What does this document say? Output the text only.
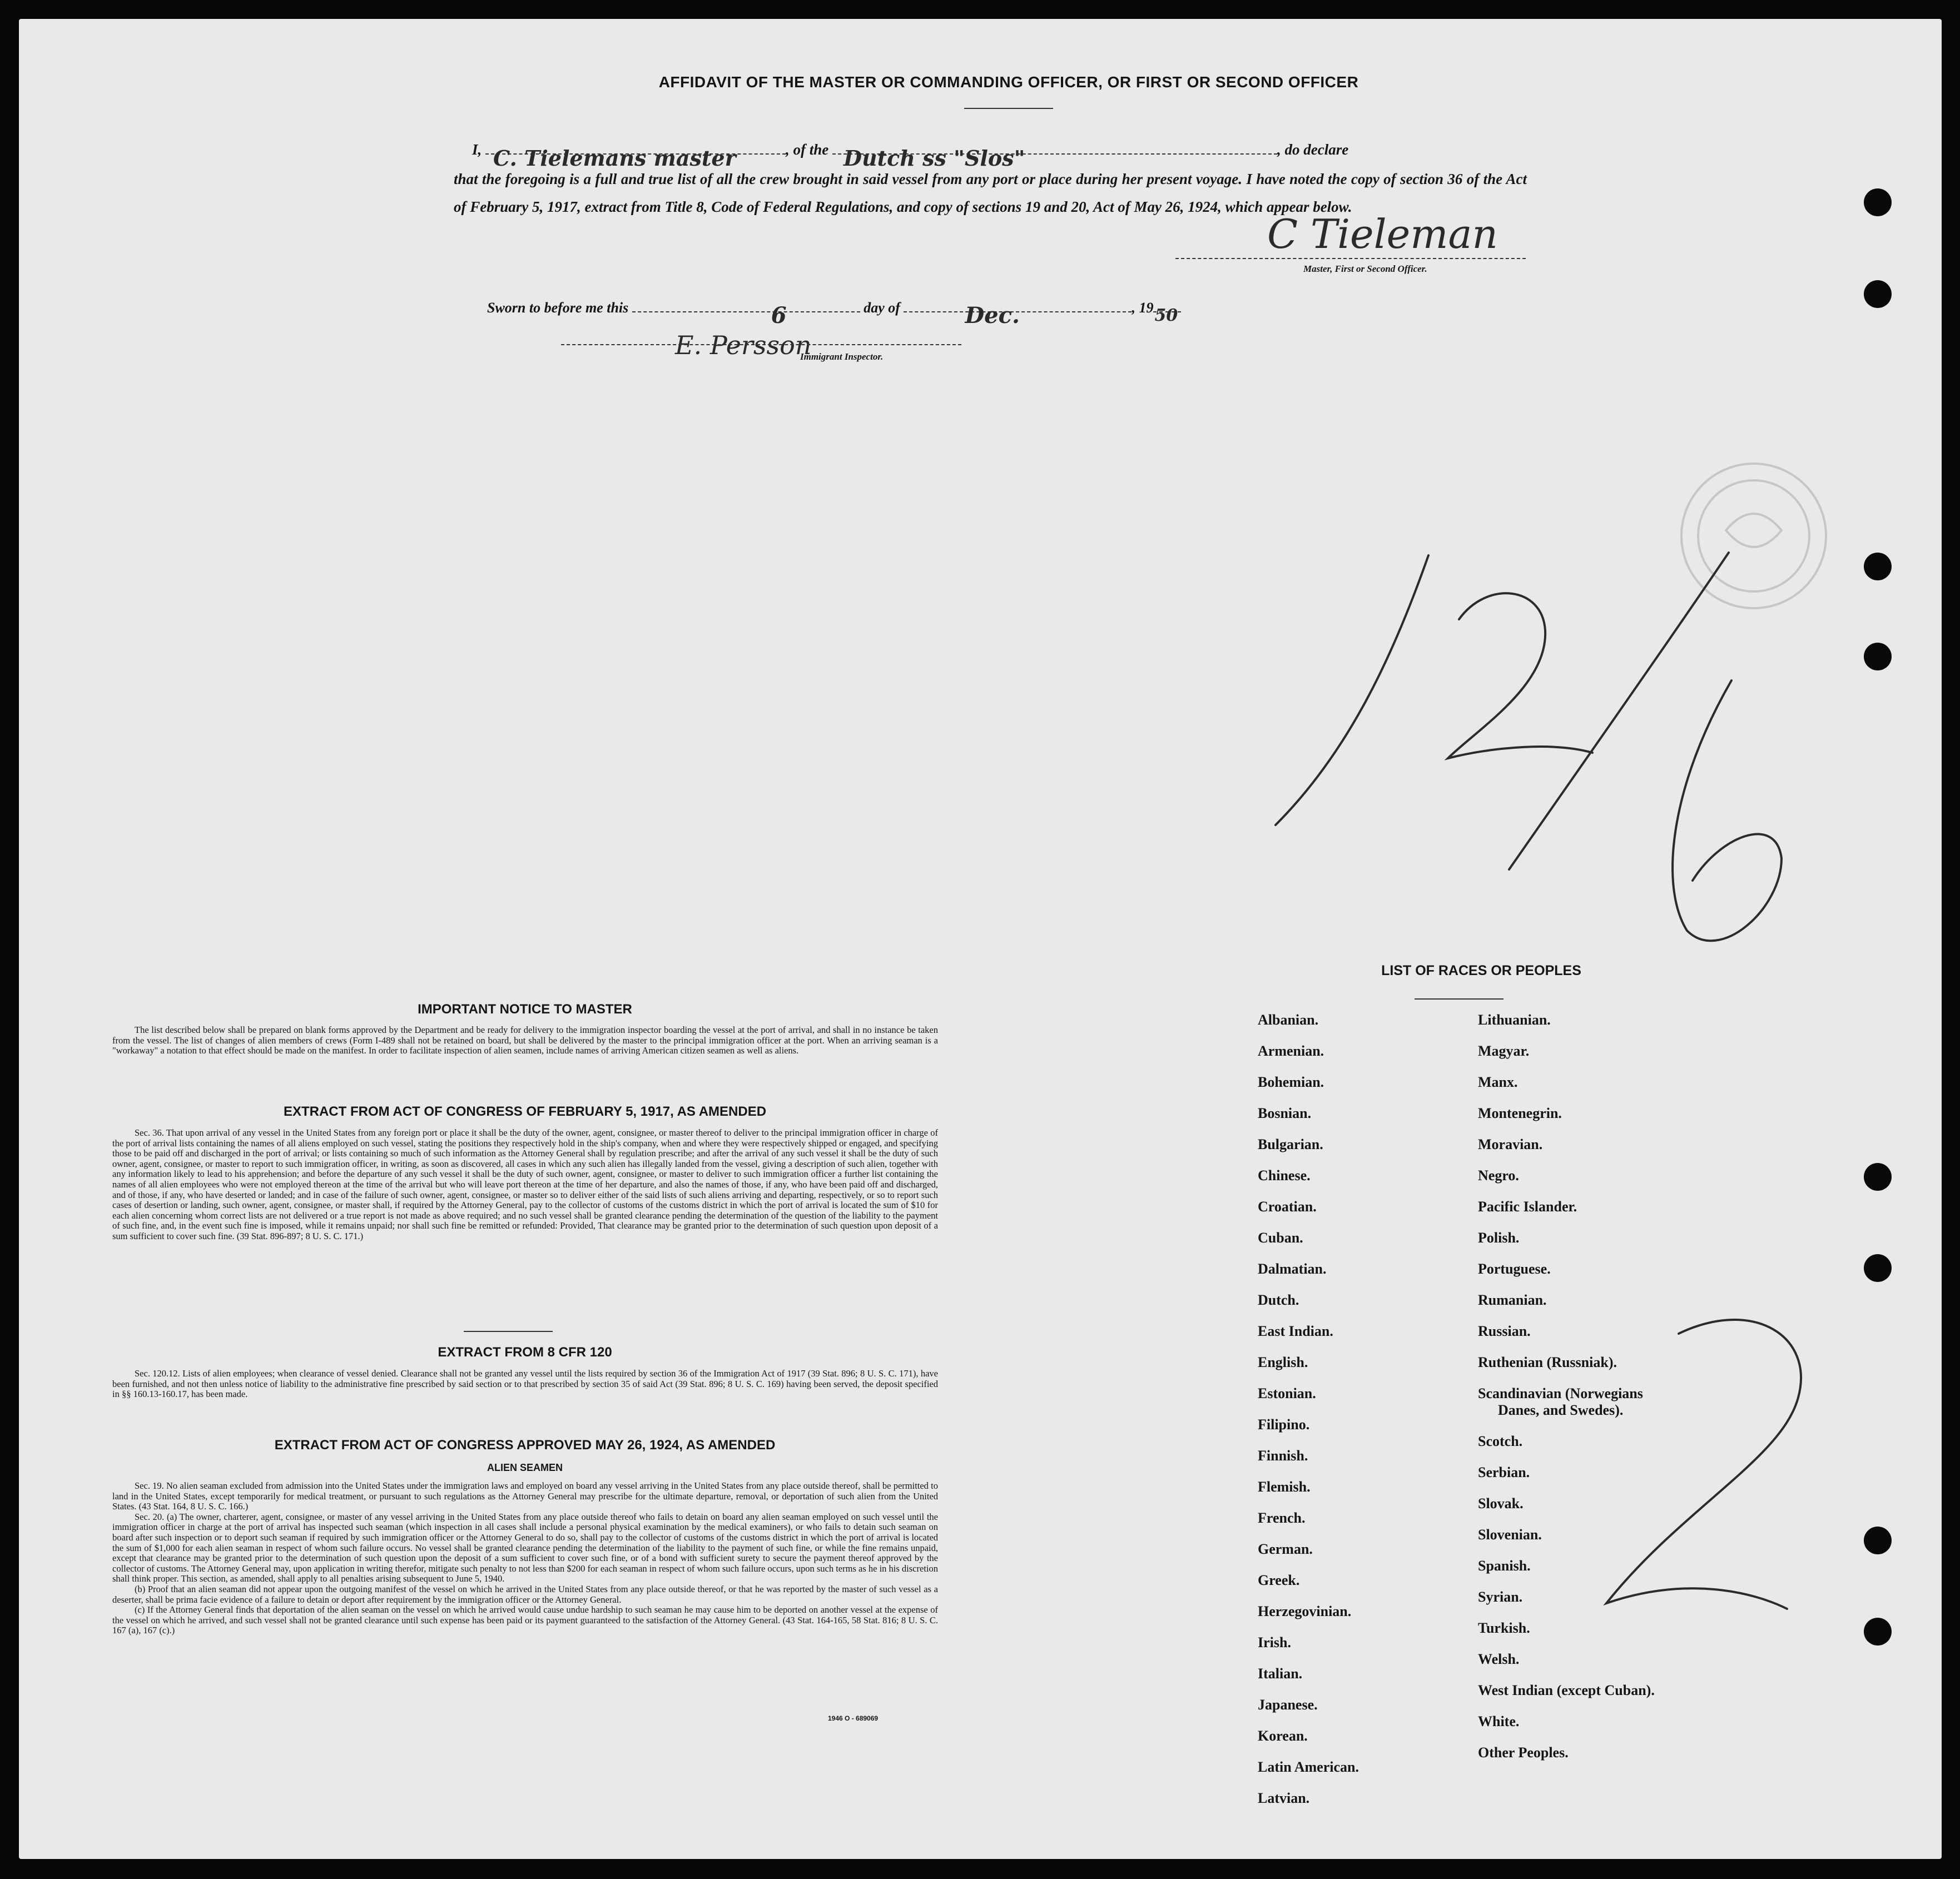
AFFIDAVIT OF THE MASTER OR COMMANDING OFFICER, OR FIRST OR SECOND OFFICER
I, C. Tielemans master	, of the Dutch ss "Slos"	, do declare
that the foregoing is a full and true list of all the crew brought in said vessel from any port or place during her present voyage. I have noted the copy of section 36 of the Act of February 5, 1917, extract from Title 8, Code of Federal Regulations, and copy of sections 19 and 20, Act of May 26, 1924, which appear below.
C Tieleman
Master, First or Second Officer.
Sworn to before me this	6	day of	Dec.	, 19 50
E. Persson
Immigrant Inspector.
IMPORTANT NOTICE TO MASTER

The list described below shall be prepared on blank forms approved by the Department and be ready for delivery to the immigration inspector boarding the vessel at the port of arrival, and shall in no instance be taken from the vessel. The list of changes of alien members of crews (Form I-489 shall not be retained on board, but shall be delivered by the master to the principal immigration officer at the port. When an arriving seaman is a "workaway" a notation to that effect should be made on the manifest. In order to facilitate inspection of alien seamen, include names of arriving American citizen seamen as well as aliens.

EXTRACT FROM ACT OF CONGRESS OF FEBRUARY 5, 1917, AS AMENDED

Sec. 36. That upon arrival of any vessel in the United States from any foreign port or place it shall be the duty of the owner, agent, consignee, or master thereof to deliver to the principal immigration officer in charge of the port of arrival lists containing the names of all aliens employed on such vessel, stating the positions they respectively hold in the ship's company, when and where they were respectively shipped or engaged, and specifying those to be paid off and discharged in the port of arrival; or lists containing so much of such information as the Attorney General shall by regulation prescribe; and after the arrival of any such vessel it shall be the duty of such owner, agent, consignee, or master to report to such immigration officer, in writing, as soon as discovered, all cases in which any such alien has illegally landed from the vessel, giving a description of such alien, together with any information likely to lead to his apprehension; and before the departure of any such vessel it shall be the duty of such owner, agent, consignee, or master to deliver to such immigration officer a further list containing the names of all alien employees who were not employed thereon at the time of the arrival but who will leave port thereon at the time of her departure, and also the names of those, if any, who have been paid off and discharged, and of those, if any, who have deserted or landed; and in case of the failure of such owner, agent, consignee, or master so to deliver either of the said lists of such aliens arriving and departing, respectively, or so to report such cases of desertion or landing, such owner, agent, consignee, or master shall, if required by the Attorney General, pay to the collector of customs of the customs district in which the port of arrival is located the sum of $10 for each alien concerning whom correct lists are not delivered or a true report is not made as above required; and no such vessel shall be granted clearance pending the determination of the question of the liability to the payment of such fine, and, in the event such fine is imposed, while it remains unpaid; nor shall such fine be remitted or refunded: Provided, That clearance may be granted prior to the determination of such question upon deposit of a sum sufficient to cover such fine. (39 Stat. 896-897; 8 U. S. C. 171.)

EXTRACT FROM 8 CFR 120

Sec. 120.12. Lists of alien employees; when clearance of vessel denied. Clearance shall not be granted any vessel until the lists required by section 36 of the Immigration Act of 1917 (39 Stat. 896; 8 U. S. C. 171), have been furnished, and not then unless notice of liability to the administrative fine prescribed by said section or to that prescribed by section 35 of said Act (39 Stat. 896; 8 U. S. C. 169) having been served, the deposit specified in §§ 160.13-160.17, has been made.

EXTRACT FROM ACT OF CONGRESS APPROVED MAY 26, 1924, AS AMENDED
ALIEN SEAMEN

Sec. 19. No alien seaman excluded from admission into the United States under the immigration laws and employed on board any vessel arriving in the United States from any place outside thereof, shall be permitted to land in the United States, except temporarily for medical treatment, or pursuant to such regulations as the Attorney General may prescribe for the ultimate departure, removal, or deportation of such alien from the United States. (43 Stat. 164, 8 U. S. C. 166.)

Sec. 20. (a) The owner, charterer, agent, consignee, or master of any vessel arriving in the United States from any place outside thereof who fails to detain on board any alien seaman employed on such vessel until the immigration officer in charge at the port of arrival has inspected such seaman (which inspection in all cases shall include a personal physical examination by the medical examiners), or who fails to detain such seaman on board after such inspection or to deport such seaman if required by such immigration officer or the Attorney General to do so, shall pay to the collector of customs of the customs district in which the port of arrival is located the sum of $1,000 for each alien seaman in respect of whom such failure occurs. No vessel shall be granted clearance pending the determination of the liability to the payment of such fine, or while the fine remains unpaid, except that clearance may be granted prior to the determination of such question upon the deposit of a sum sufficient to cover such fine, or of a bond with sufficient surety to secure the payment thereof approved by the collector of customs. The Attorney General may, upon application in writing therefor, mitigate such penalty to not less than $200 for each seaman in respect of whom such failure occurs, upon such terms as he in his discretion shall think proper. This section, as amended, shall apply to all penalties arising subsequent to June 5, 1940.

(b) Proof that an alien seaman did not appear upon the outgoing manifest of the vessel on which he arrived in the United States from any place outside thereof, or that he was reported by the master of such vessel as a deserter, shall be prima facie evidence of a failure to detain or deport after requirement by the immigration officer or the Attorney General.

(c) If the Attorney General finds that deportation of the alien seaman on the vessel on which he arrived would cause undue hardship to such seaman he may cause him to be deported on another vessel at the expense of the vessel on which he arrived, and such vessel shall not be granted clearance until such expense has been paid or its payment guaranteed to the satisfaction of the Attorney General. (43 Stat. 164-165, 58 Stat. 816; 8 U. S. C. 167 (a), 167 (c).)

1946 O - 689069
LIST OF RACES OR PEOPLES
Albanian.
Armenian.
Bohemian.
Bosnian.
Bulgarian.
Chinese.
Croatian.
Cuban.
Dalmatian.
Dutch.
East Indian.
English.
Estonian.
Filipino.
Finnish.
Flemish.
French.
German.
Greek.
Herzegovinian.
Irish.
Italian.
Japanese.
Korean.
Latin American.
Latvian.
Lithuanian.
Magyar.
Manx.
Montenegrin.
Moravian.
Negro.
Pacific Islander.
Polish.
Portuguese.
Rumanian.
Russian.
Ruthenian (Russniak).
Scandinavian (Norwegians
Danes, and Swedes).
Scotch.
Serbian.
Slovak.
Slovenian.
Spanish.
Syrian.
Turkish.
Welsh.
West Indian (except Cuban).
White.
Other Peoples.
